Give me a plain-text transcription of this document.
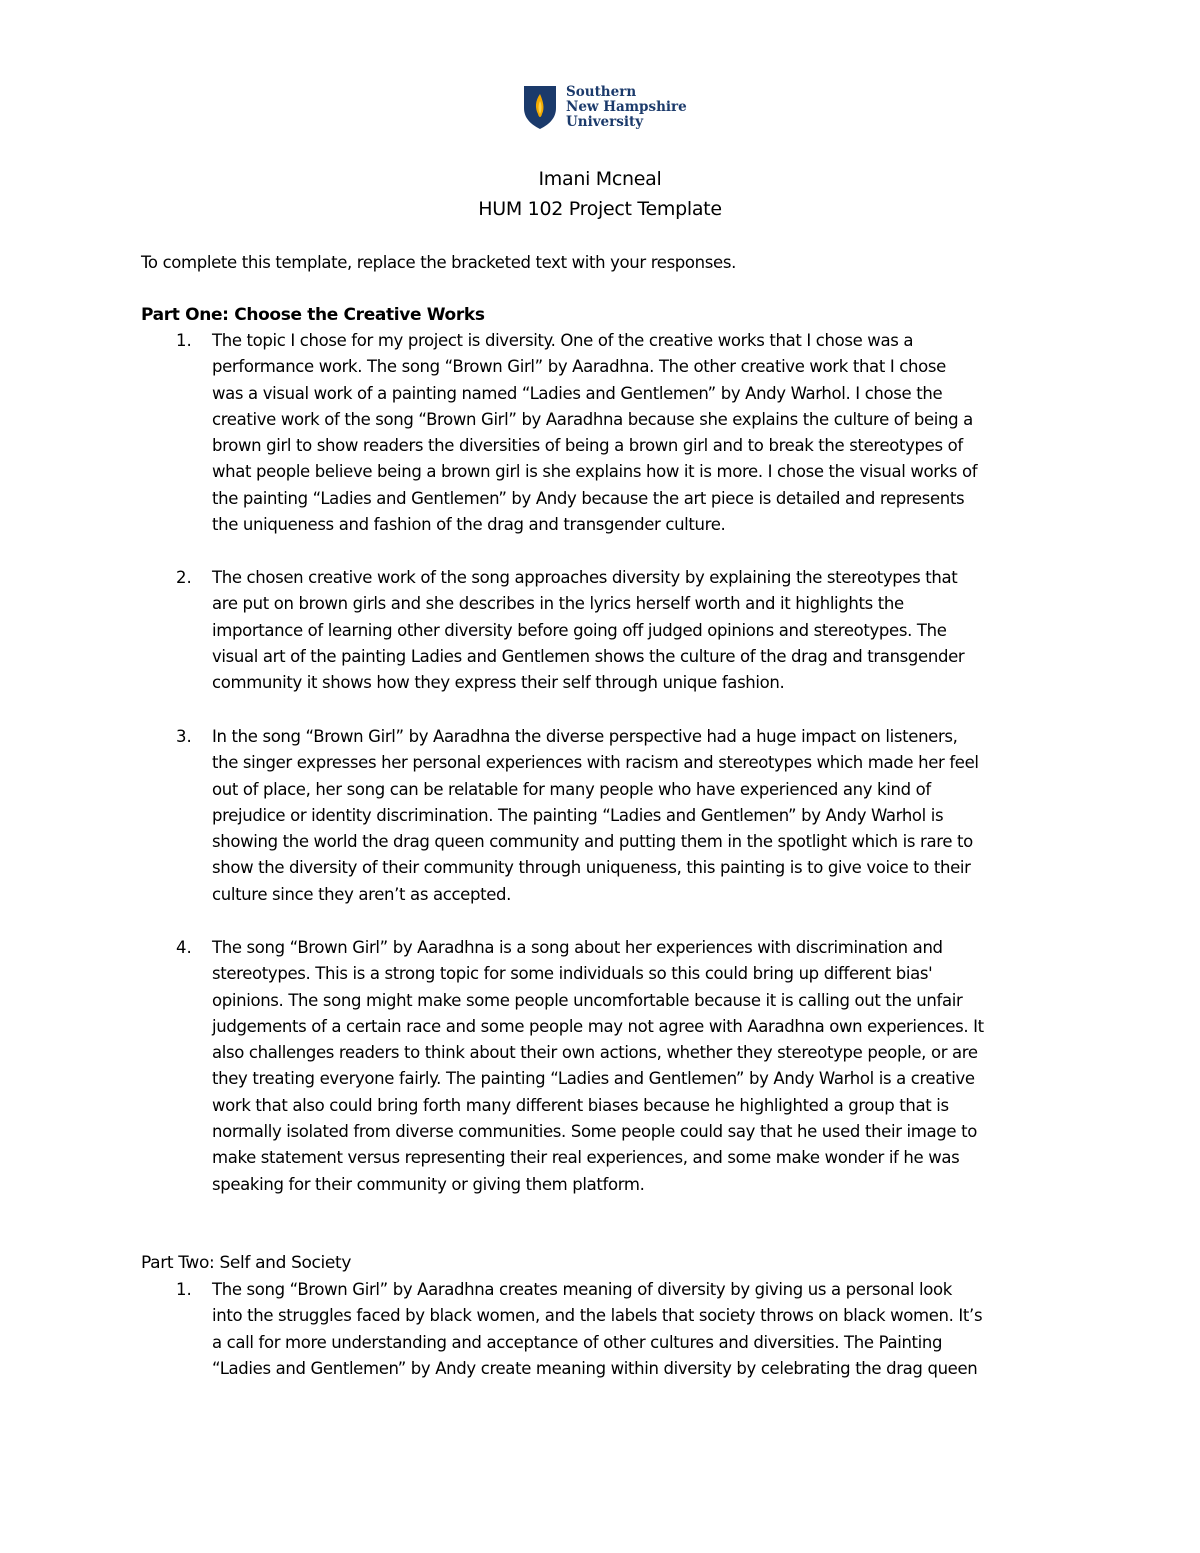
Southern
New Hampshire
University
Imani Mcneal
HUM 102 Project Template
To complete this template, replace the bracketed text with your responses.
Part One: Choose the Creative Works
1. The topic I chose for my project is diversity. One of the creative works that I chose was a
performance work. The song “Brown Girl” by Aaradhna. The other creative work that I chose
was a visual work of a painting named “Ladies and Gentlemen” by Andy Warhol. I chose the
creative work of the song “Brown Girl” by Aaradhna because she explains the culture of being a
brown girl to show readers the diversities of being a brown girl and to break the stereotypes of
what people believe being a brown girl is she explains how it is more. I chose the visual works of
the painting “Ladies and Gentlemen” by Andy because the art piece is detailed and represents
the uniqueness and fashion of the drag and transgender culture.
2. The chosen creative work of the song approaches diversity by explaining the stereotypes that
are put on brown girls and she describes in the lyrics herself worth and it highlights the
importance of learning other diversity before going off judged opinions and stereotypes. The
visual art of the painting Ladies and Gentlemen shows the culture of the drag and transgender
community it shows how they express their self through unique fashion.
3. In the song “Brown Girl” by Aaradhna the diverse perspective had a huge impact on listeners,
the singer expresses her personal experiences with racism and stereotypes which made her feel
out of place, her song can be relatable for many people who have experienced any kind of
prejudice or identity discrimination. The painting “Ladies and Gentlemen” by Andy Warhol is
showing the world the drag queen community and putting them in the spotlight which is rare to
show the diversity of their community through uniqueness, this painting is to give voice to their
culture since they aren’t as accepted.
4. The song “Brown Girl” by Aaradhna is a song about her experiences with discrimination and
stereotypes. This is a strong topic for some individuals so this could bring up different bias'
opinions. The song might make some people uncomfortable because it is calling out the unfair
judgements of a certain race and some people may not agree with Aaradhna own experiences. It
also challenges readers to think about their own actions, whether they stereotype people, or are
they treating everyone fairly. The painting “Ladies and Gentlemen” by Andy Warhol is a creative
work that also could bring forth many different biases because he highlighted a group that is
normally isolated from diverse communities. Some people could say that he used their image to
make statement versus representing their real experiences, and some make wonder if he was
speaking for their community or giving them platform.
Part Two: Self and Society
1. The song “Brown Girl” by Aaradhna creates meaning of diversity by giving us a personal look
into the struggles faced by black women, and the labels that society throws on black women. It’s
a call for more understanding and acceptance of other cultures and diversities. The Painting
“Ladies and Gentlemen” by Andy create meaning within diversity by celebrating the drag queen
